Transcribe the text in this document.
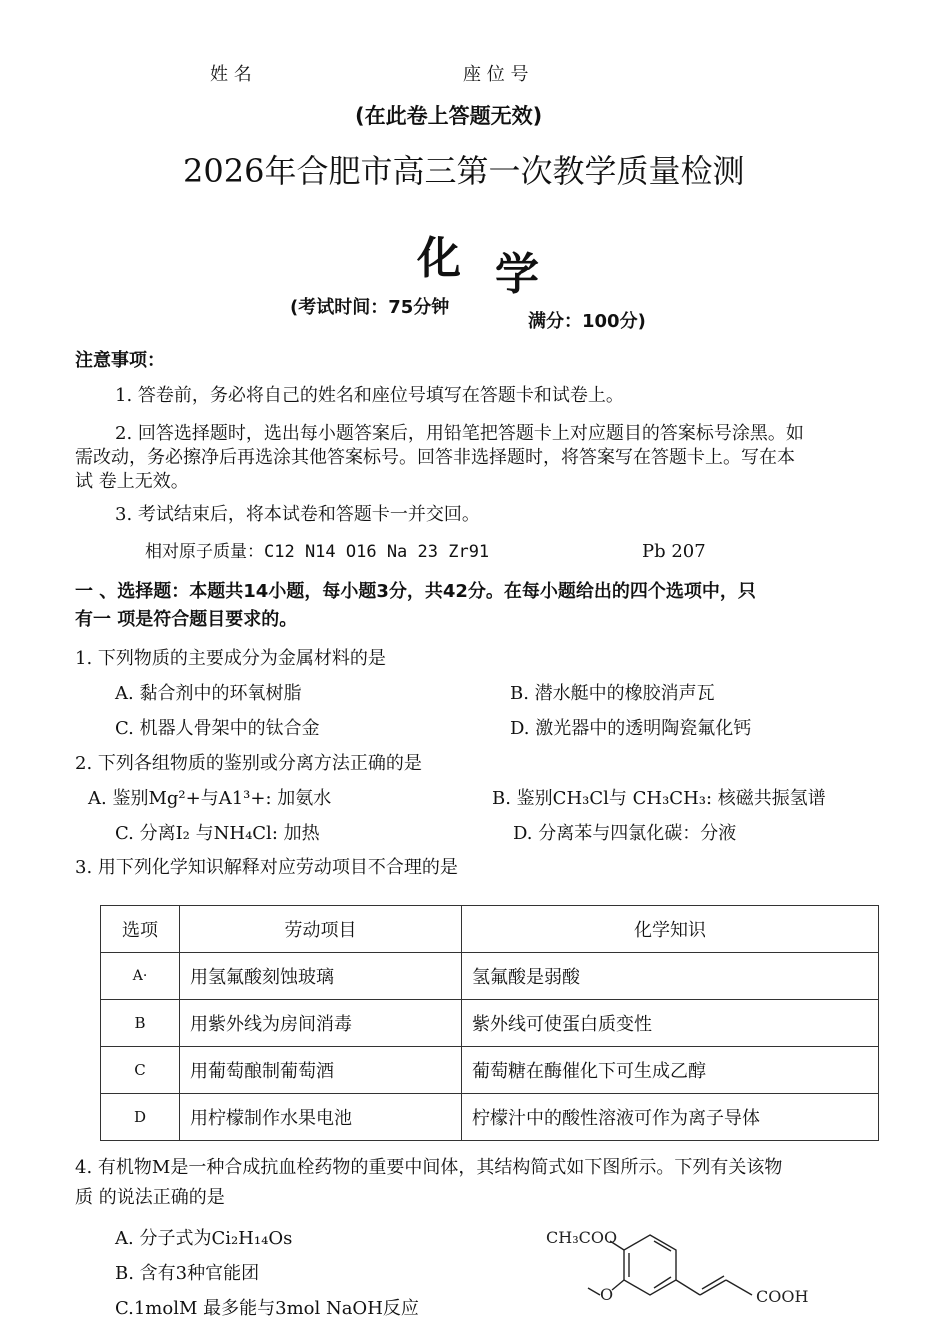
姓 名	座 位 号
(在此卷上答题无效)
2026年合肥市高三第一次教学质量检测
化 学
(考试时间：75分钟
满分：100分)
注意事项：
1. 答卷前，务必将自己的姓名和座位号填写在答题卡和试卷上。
2. 回答选择题时，选出每小题答案后，用铅笔把答题卡上对应题目的答案标号涂黑。如
需改动，务必擦净后再选涂其他答案标号。回答非选择题时，将答案写在答题卡上。写在本
试 卷上无效。
3. 考试结束后，将本试卷和答题卡一并交回。
相对原子质量：C12 N14 O16 Na 23 Zr91	Pb 207
一 、选择题：本题共14小题，每小题3分，共42分。在每小题给出的四个选项中，只
有一 项是符合题目要求的。
1. 下列物质的主要成分为金属材料的是
A. 黏合剂中的环氧树脂	B. 潜水艇中的橡胶消声瓦
C. 机器人骨架中的钛合金	D. 激光器中的透明陶瓷氟化钙
2. 下列各组物质的鉴别或分离方法正确的是
A. 鉴别Mg²+与A1³+: 加氨水	B. 鉴别CH₃Cl与 CH₃CH₃: 核磁共振氢谱
C. 分离I₂ 与NH₄Cl: 加热	D. 分离苯与四氯化碳：分液
3. 用下列化学知识解释对应劳动项目不合理的是
选项	劳动项目	化学知识
A·	用氢氟酸刻蚀玻璃	氢氟酸是弱酸
B	用紫外线为房间消毒	紫外线可使蛋白质变性
C	用葡萄酿制葡萄酒	葡萄糖在酶催化下可生成乙醇
D	用柠檬制作水果电池	柠檬汁中的酸性溶液可作为离子导体
4. 有机物M是一种合成抗血栓药物的重要中间体，其结构简式如下图所示。下列有关该物
质 的说法正确的是
A. 分子式为Ci₂H₁₄Os
B. 含有3种官能团
C.1molM 最多能与3mol NaOH反应
CH₃COO
O	COOH
